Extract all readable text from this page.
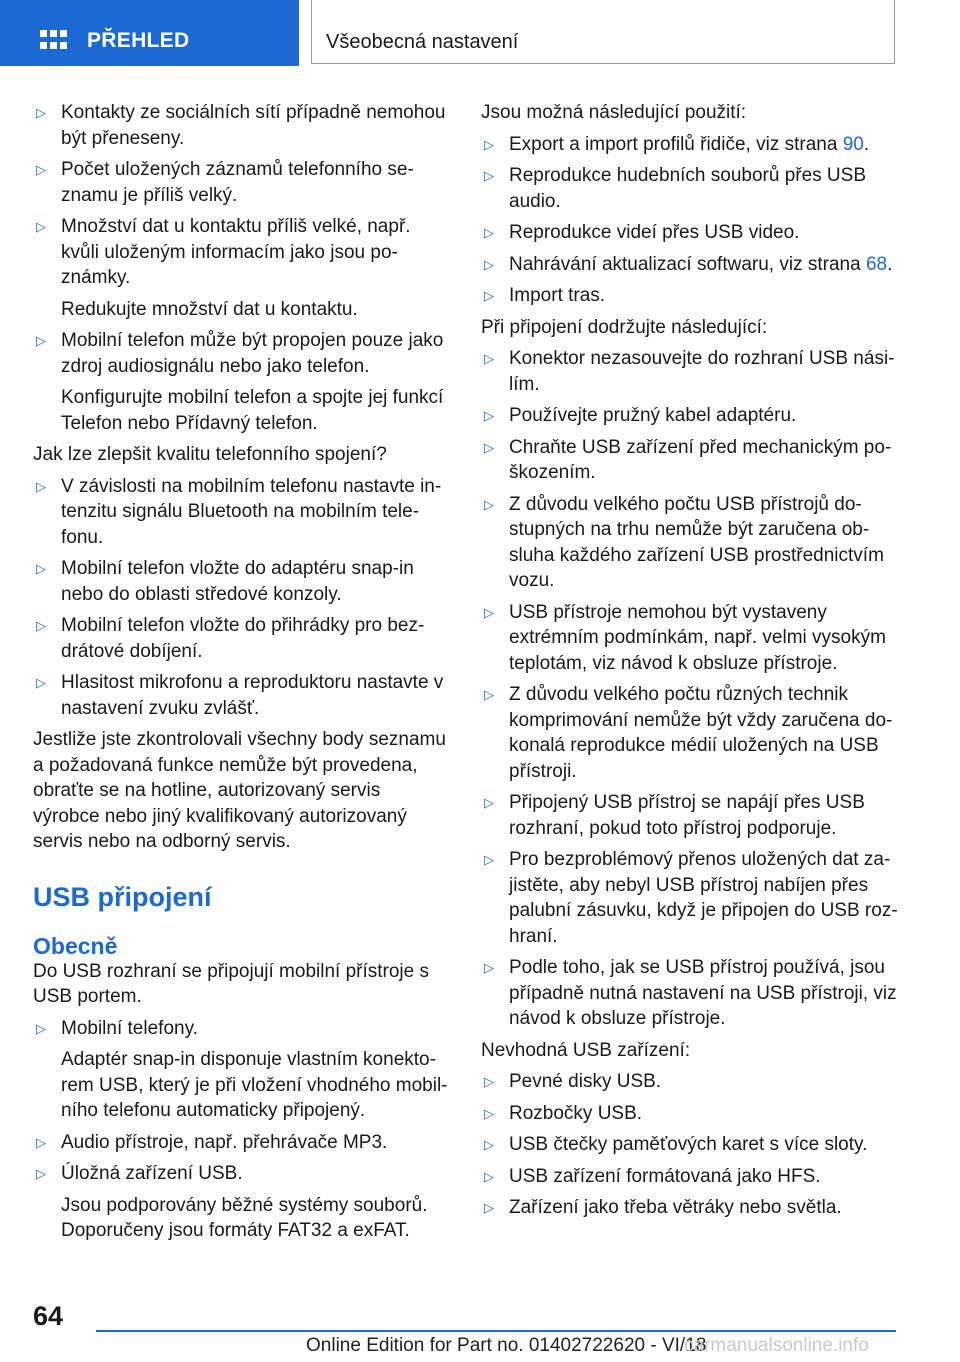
PŘEHLED	Všeobecná nastavení
▷ Kontakty ze sociálních sítí případně nemohou být přeneseny.
▷ Počet uložených záznamů telefonního seznamu je příliš velký.
▷ Množství dat u kontaktu příliš velké, např. kvůli uloženým informacím jako jsou poznámky.
Redukujte množství dat u kontaktu.
▷ Mobilní telefon může být propojen pouze jako zdroj audiosignálu nebo jako telefon.
Konfigurujte mobilní telefon a spojte jej funkcí Telefon nebo Přídavný telefon.
Jak lze zlepšit kvalitu telefonního spojení?
▷ V závislosti na mobilním telefonu nastavte intenzitu signálu Bluetooth na mobilním telefonu.
▷ Mobilní telefon vložte do adaptéru snap-in nebo do oblasti středové konzoly.
▷ Mobilní telefon vložte do přihrádky pro bezdrátové dobíjení.
▷ Hlasitost mikrofonu a reproduktoru nastavte v nastavení zvuku zvlášť.
Jestliže jste zkontrolovali všechny body seznamu a požadovaná funkce nemůže být provedena, obraťte se na hotline, autorizovaný servis výrobce nebo jiný kvalifikovaný autorizovaný servis nebo na odborný servis.
USB připojení
Obecně
Do USB rozhraní se připojují mobilní přístroje s USB portem.
▷ Mobilní telefony.
Adaptér snap-in disponuje vlastním konektorem USB, který je při vložení vhodného mobilního telefonu automaticky připojený.
▷ Audio přístroje, např. přehrávače MP3.
▷ Úložná zařízení USB.
Jsou podporovány běžné systémy souborů. Doporučeny jsou formáty FAT32 a exFAT.
Jsou možná následující použití:
▷ Export a import profilů řidiče, viz strana 90.
▷ Reprodukce hudebních souborů přes USB audio.
▷ Reprodukce videí přes USB video.
▷ Nahrávání aktualizací softwaru, viz strana 68.
▷ Import tras.
Při připojení dodržujte následující:
▷ Konektor nezasouvejte do rozhraní USB násilím.
▷ Používejte pružný kabel adaptéru.
▷ Chraňte USB zařízení před mechanickým poškozením.
▷ Z důvodu velkého počtu USB přístrojů dostupných na trhu nemůže být zaručena obsluha každého zařízení USB prostřednictvím vozu.
▷ USB přístroje nemohou být vystaveny extrémním podmínkám, např. velmi vysokým teplotám, viz návod k obsluze přístroje.
▷ Z důvodu velkého počtu různých technik komprimování nemůže být vždy zaručena dokonalá reprodukce médií uložených na USB přístroji.
▷ Připojený USB přístroj se napájí přes USB rozhraní, pokud toto přístroj podporuje.
▷ Pro bezproblémový přenos uložených dat zajistěte, aby nebyl USB přístroj nabíjen přes palubní zásuvku, když je připojen do USB rozhraní.
▷ Podle toho, jak se USB přístroj používá, jsou případně nutná nastavení na USB přístroji, viz návod k obsluze přístroje.
Nevhodná USB zařízení:
▷ Pevné disky USB.
▷ Rozbočky USB.
▷ USB čtečky paměťových karet s více sloty.
▷ USB zařízení formátovaná jako HFS.
▷ Zařízení jako třeba větráky nebo světla.
64
Online Edition for Part no. 01402722620 - VI/18
carmanualsonline.info
